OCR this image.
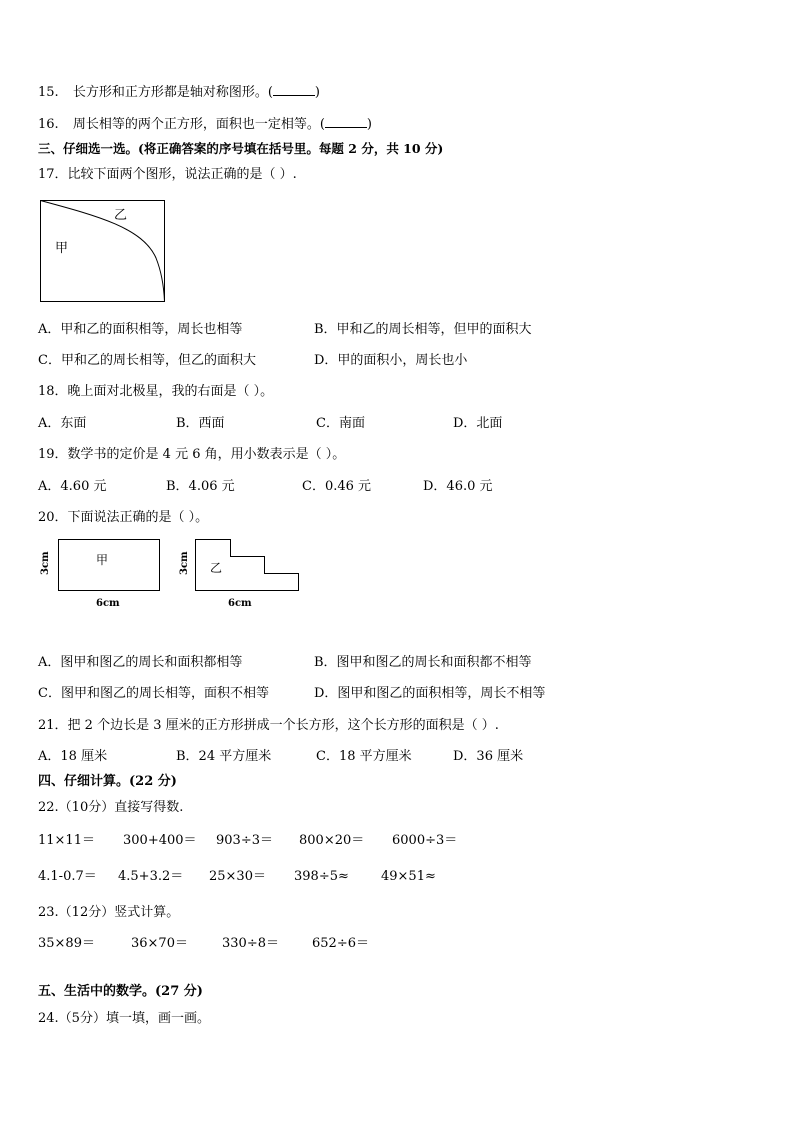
15. 长方形和正方形都是轴对称图形。(	)
16. 周长相等的两个正方形，面积也一定相等。(	)
三、仔细选一选。(将正确答案的序号填在括号里。每题 2 分，共 10 分)
17．比较下面两个图形，说法正确的是（ ）.
甲
乙
A．甲和乙的面积相等，周长也相等	B．甲和乙的周长相等，但甲的面积大
C．甲和乙的周长相等，但乙的面积大	D．甲的面积小，周长也小
18．晚上面对北极星，我的右面是（ ）。
A．东面	B．西面	C．南面	D．北面
19．数学书的定价是 4 元 6 角，用小数表示是（ ）。
A．4.60 元	B．4.06 元	C．0.46 元	D．46.0 元
20．下面说法正确的是（ ）。
甲
3cm
6cm
乙
3cm
6cm
A．图甲和图乙的周长和面积都相等	B．图甲和图乙的周长和面积都不相等
C．图甲和图乙的周长相等，面积不相等	D．图甲和图乙的面积相等，周长不相等
21．把 2 个边长是 3 厘米的正方形拼成一个长方形，这个长方形的面积是（ ）.
A．18 厘米	B．24 平方厘米	C．18 平方厘米	D．36 厘米
四、仔细计算。(22 分)
22.（10分）直接写得数.
11×11＝ 300+400＝ 903÷3＝ 800×20＝ 6000÷3＝
4.1-0.7＝ 4.5+3.2＝ 25×30＝ 398÷5≈ 49×51≈
23.（12分）竖式计算。
35×89＝	36×70＝	330÷8＝	652÷6＝
五、生活中的数学。(27 分)
24.（5分）填一填，画一画。
